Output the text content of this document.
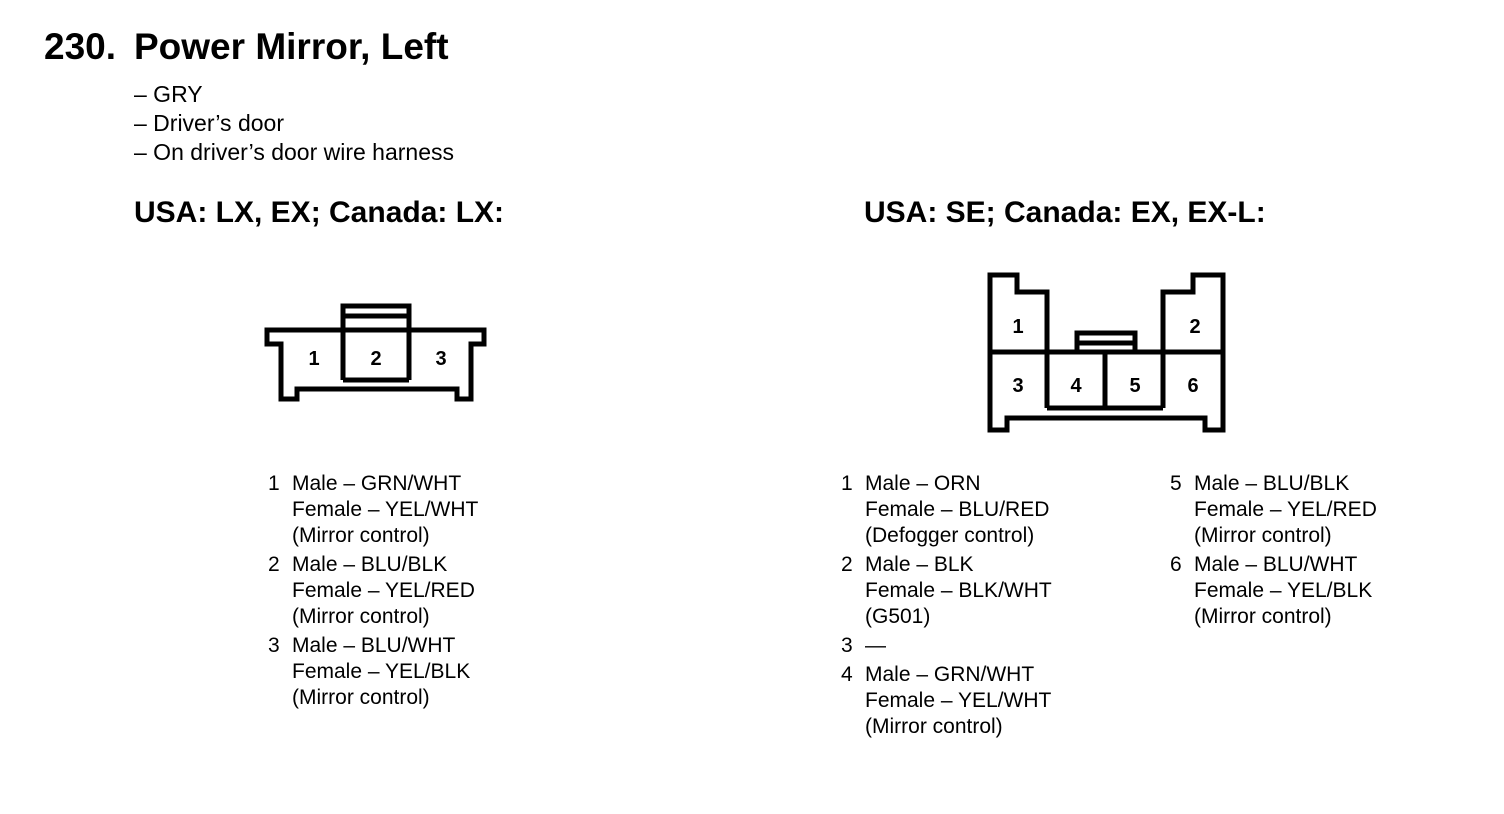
230. Power Mirror, Left
– GRY
– Driver’s door
– On driver’s door wire harness
USA: LX, EX; Canada: LX:	USA: SE; Canada: EX, EX-L:
1	2	3
1	2
3 4 5 6
1 Male – GRN/WHT
Female – YEL/WHT
(Mirror control)
2 Male – BLU/BLK
Female – YEL/RED
(Mirror control)
3 Male – BLU/WHT
Female – YEL/BLK
(Mirror control)
1 Male – ORN
Female – BLU/RED
(Defogger control)
2 Male – BLK
Female – BLK/WHT
(G501)
3 —
4 Male – GRN/WHT
Female – YEL/WHT
(Mirror control)
5 Male – BLU/BLK
Female – YEL/RED
(Mirror control)
6 Male – BLU/WHT
Female – YEL/BLK
(Mirror control)
